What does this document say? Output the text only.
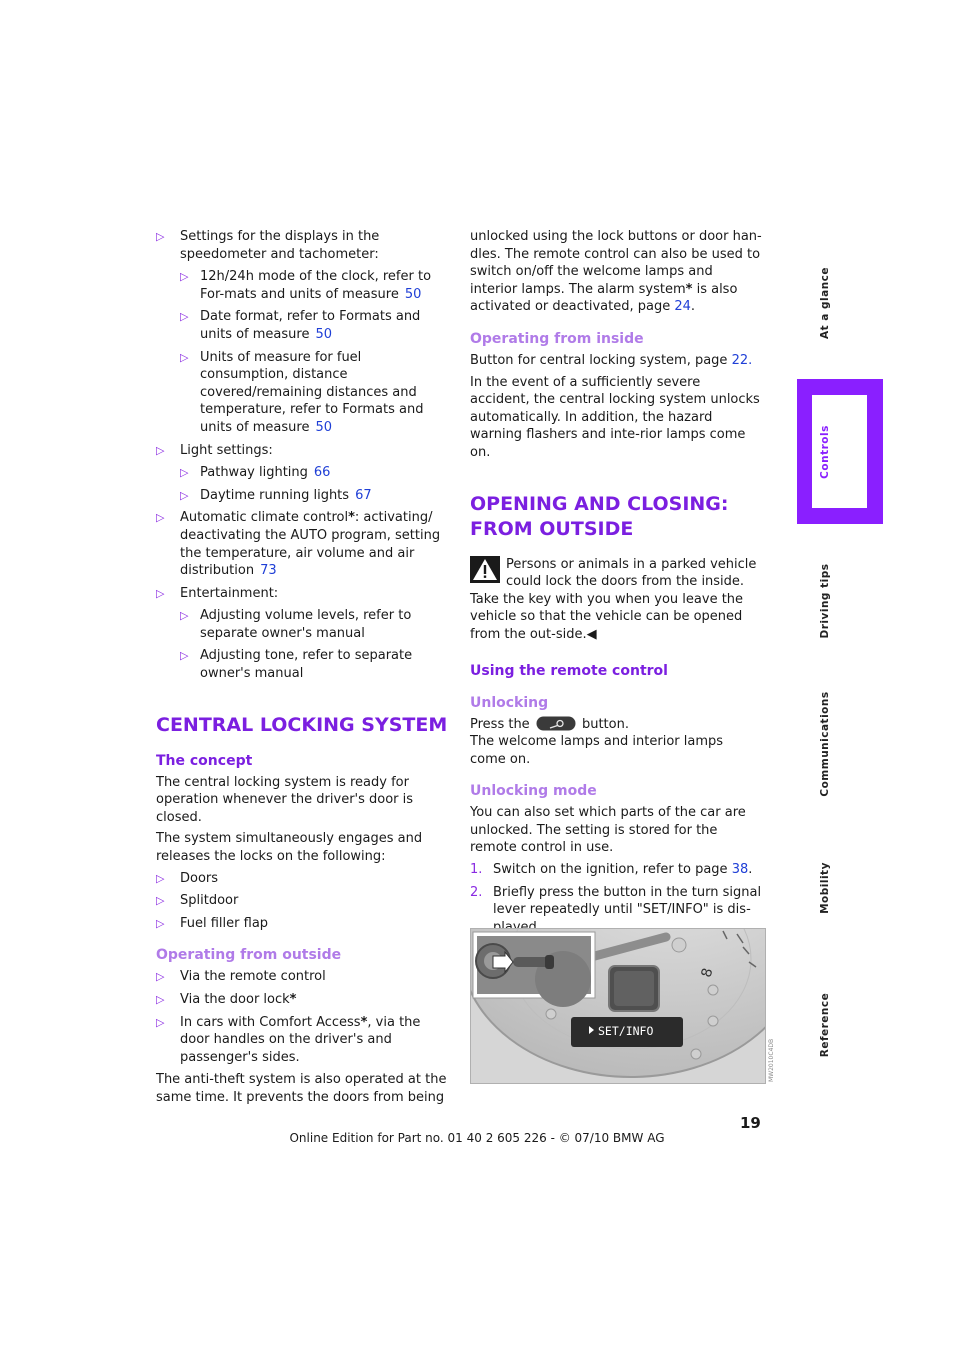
▷ Settings for the displays in the speedometer and tachometer:
▷ 12h/24h mode of the clock, refer to For-mats and units of measure 50
▷ Date format, refer to Formats and units of measure 50
▷ Units of measure for fuel consumption, distance covered/remaining distances and temperature, refer to Formats and units of measure 50
▷ Light settings:
▷ Pathway lighting 66
▷ Daytime running lights 67
▷ Automatic climate control*: activating/ deactivating the AUTO program, setting the temperature, air volume and air distribution 73
▷ Entertainment:
▷ Adjusting volume levels, refer to separate owner's manual
▷ Adjusting tone, refer to separate owner's manual
CENTRAL LOCKING SYSTEM
The concept

The central locking system is ready for operation whenever the driver's door is closed.

The system simultaneously engages and releases the locks on the following:

▷ Doors
▷ Splitdoor
▷ Fuel filler flap
Operating from outside
▷ Via the remote control
▷ Via the door lock*
▷ In cars with Comfort Access*, via the door handles on the driver's and passenger's sides.

The anti-theft system is also operated at the same time. It prevents the doors from being

unlocked using the lock buttons or door han-dles. The remote control can also be used to switch on/off the welcome lamps and interior lamps. The alarm system* is also activated or deactivated, page 24.

Operating from inside

Button for central locking system, page 22.

In the event of a sufficiently severe accident, the central locking system unlocks automatically. In addition, the hazard warning flashers and inte-rior lamps come on.

OPENING AND CLOSING: FROM OUTSIDE
Persons or animals in a parked vehicle could lock the doors from the inside. Take the key with you when you leave the vehicle so that the vehicle can be opened from the out-side.◀
Using the remote control
Unlocking

Press the	button.

The welcome lamps and interior lamps come on.

Unlocking mode

You can also set which parts of the car are unlocked. The setting is stored for the remote control in use.

1. Switch on the ignition, refer to page 38.
2. Briefly press the button in the turn signal lever repeatedly until "SET/INFO" is dis-
SET/INFO
8
MW2010C4DB
At a glance
Controls
Driving tips
Communications
Mobility
Reference
19
Online Edition for Part no. 01 40 2 605 226 - © 07/10 BMW AG
